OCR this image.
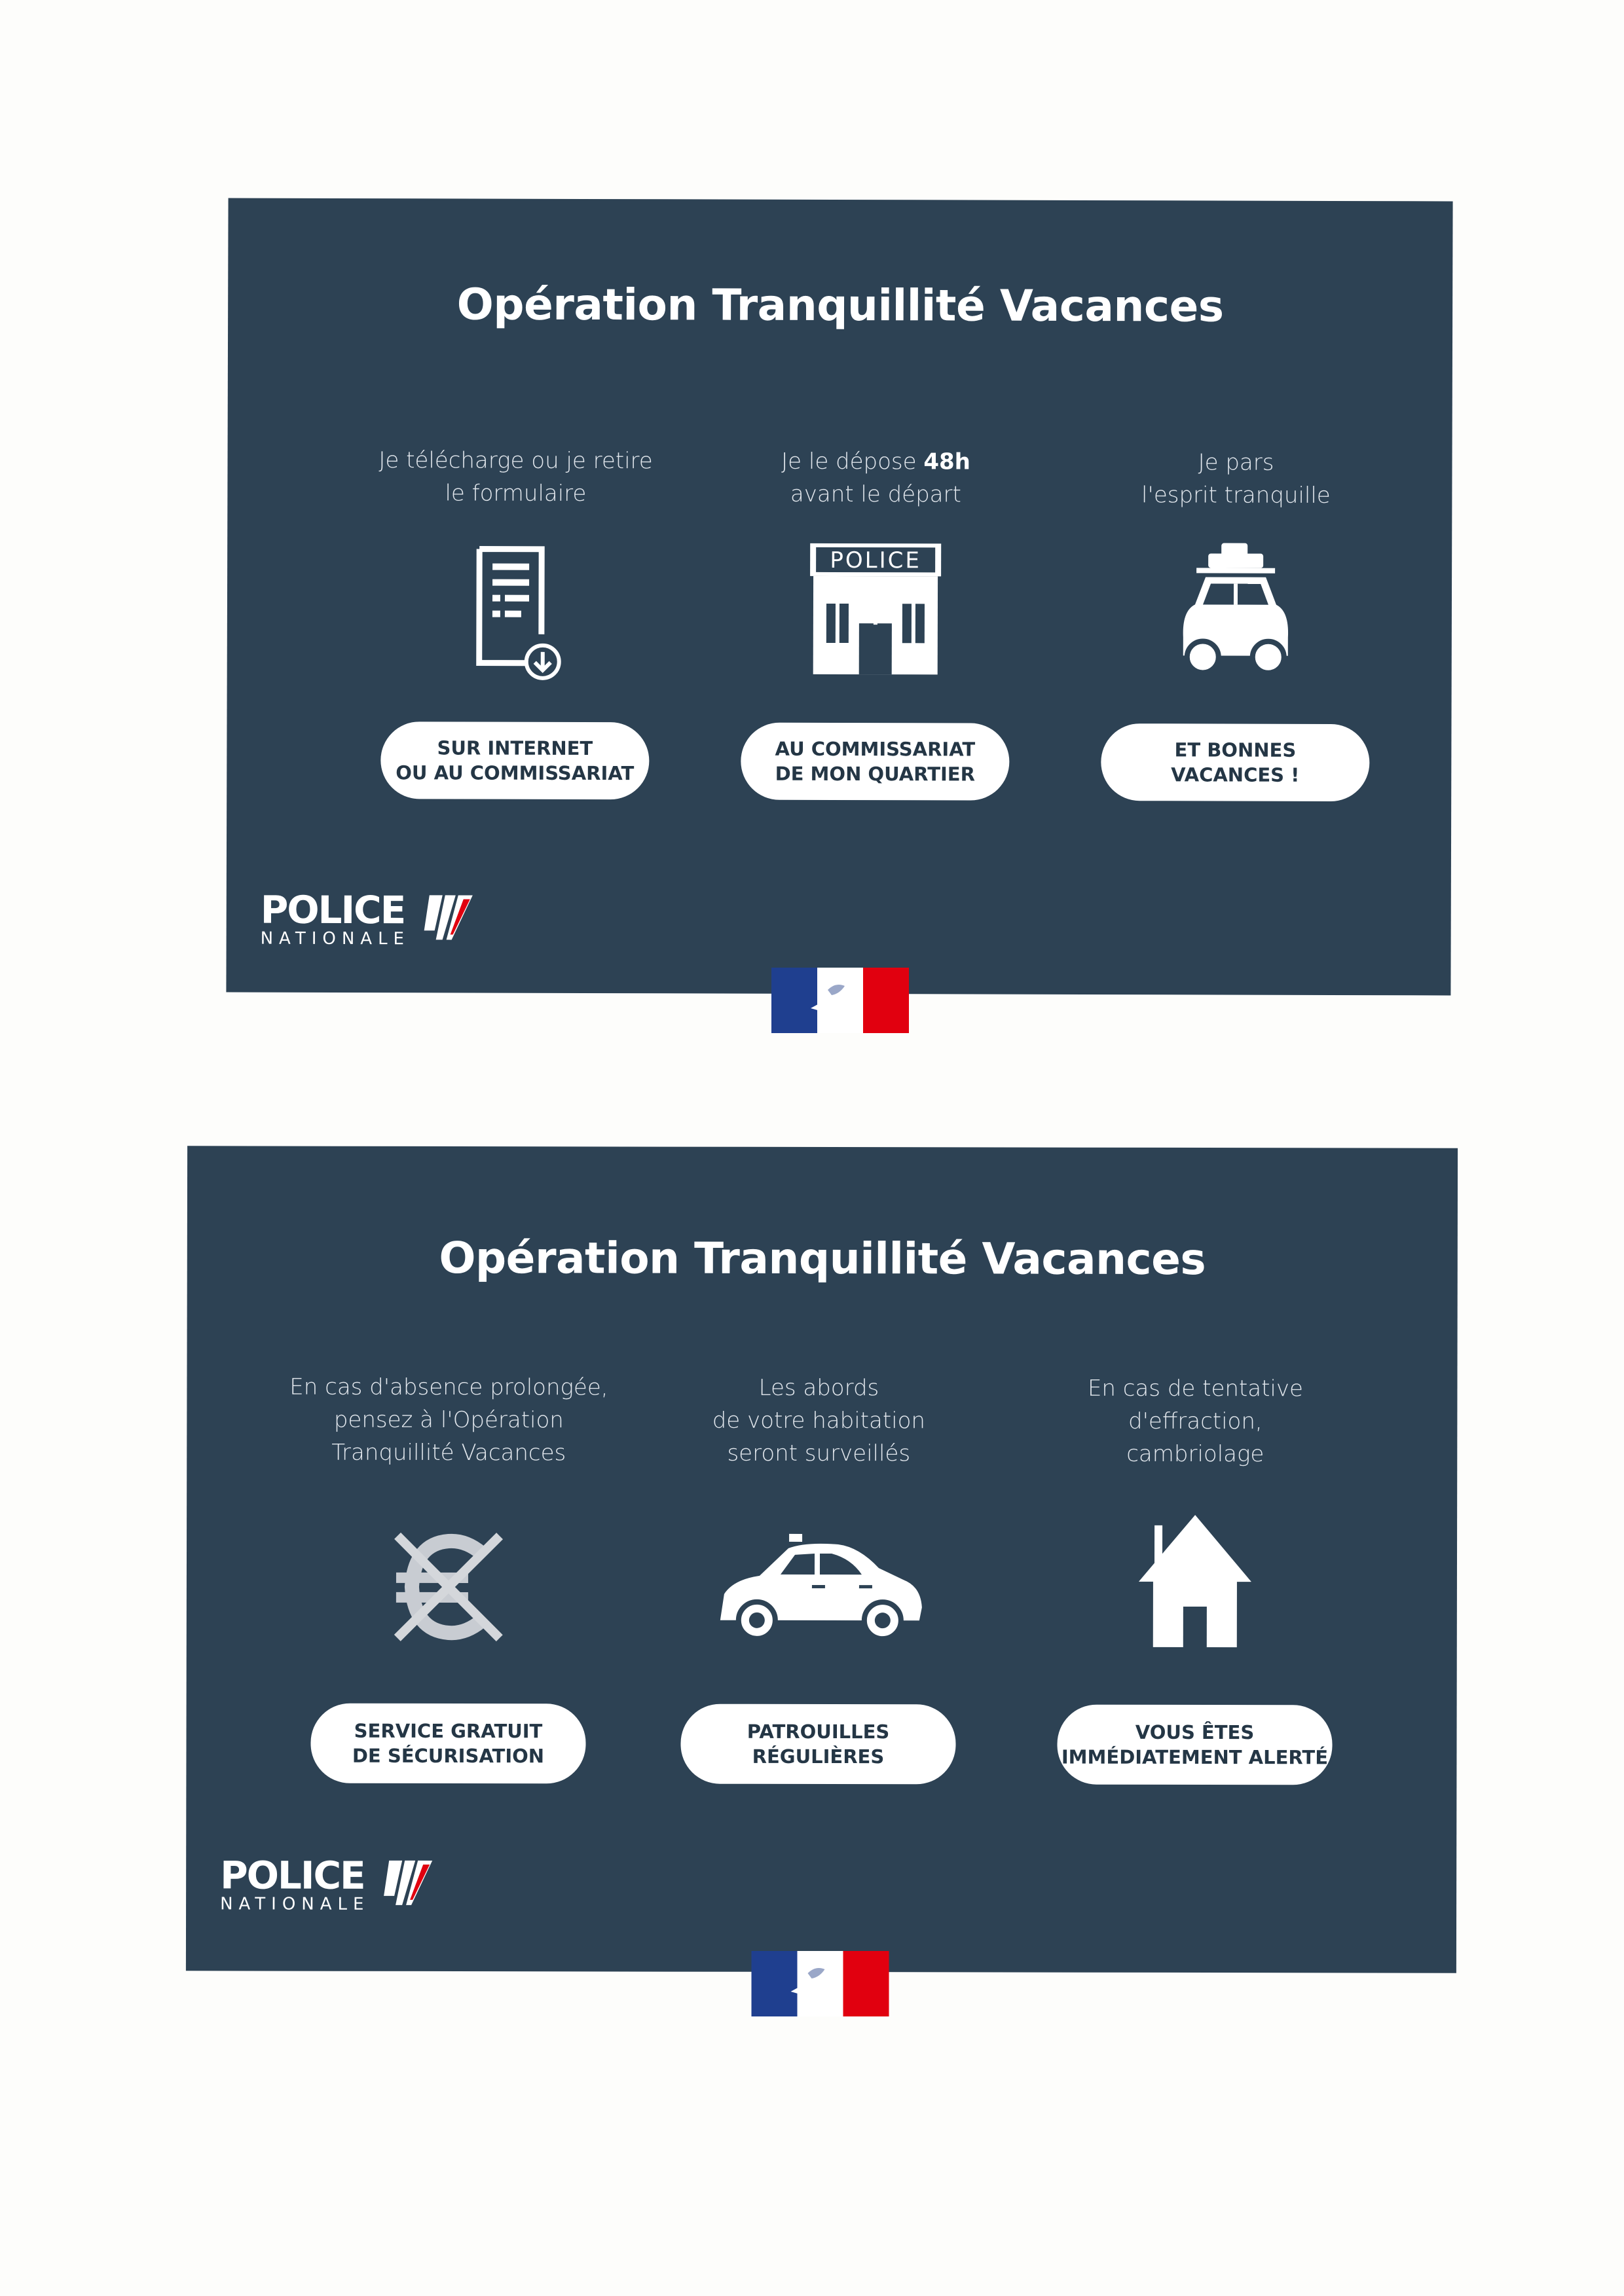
Opération Tranquillité Vacances
Je télécharge ou je retire
le formulaire
SUR INTERNET
OU AU COMMISSARIAT
Je le dépose 48h
avant le départ
POLICE
AU COMMISSARIAT
DE MON QUARTIER
Je pars
l'esprit tranquille
ET BONNES
VACANCES !
POLICE
NATIONALE
Opération Tranquillité Vacances
En cas d'absence prolongée,
pensez à l'Opération
Tranquillité Vacances
SERVICE GRATUIT
DE SÉCURISATION
Les abords
de votre habitation
seront surveillés
PATROUILLES
RÉGULIÈRES
En cas de tentative
d'effraction,
cambriolage
VOUS ÊTES
IMMÉDIATEMENT ALERTÉ
POLICE
NATIONALE
